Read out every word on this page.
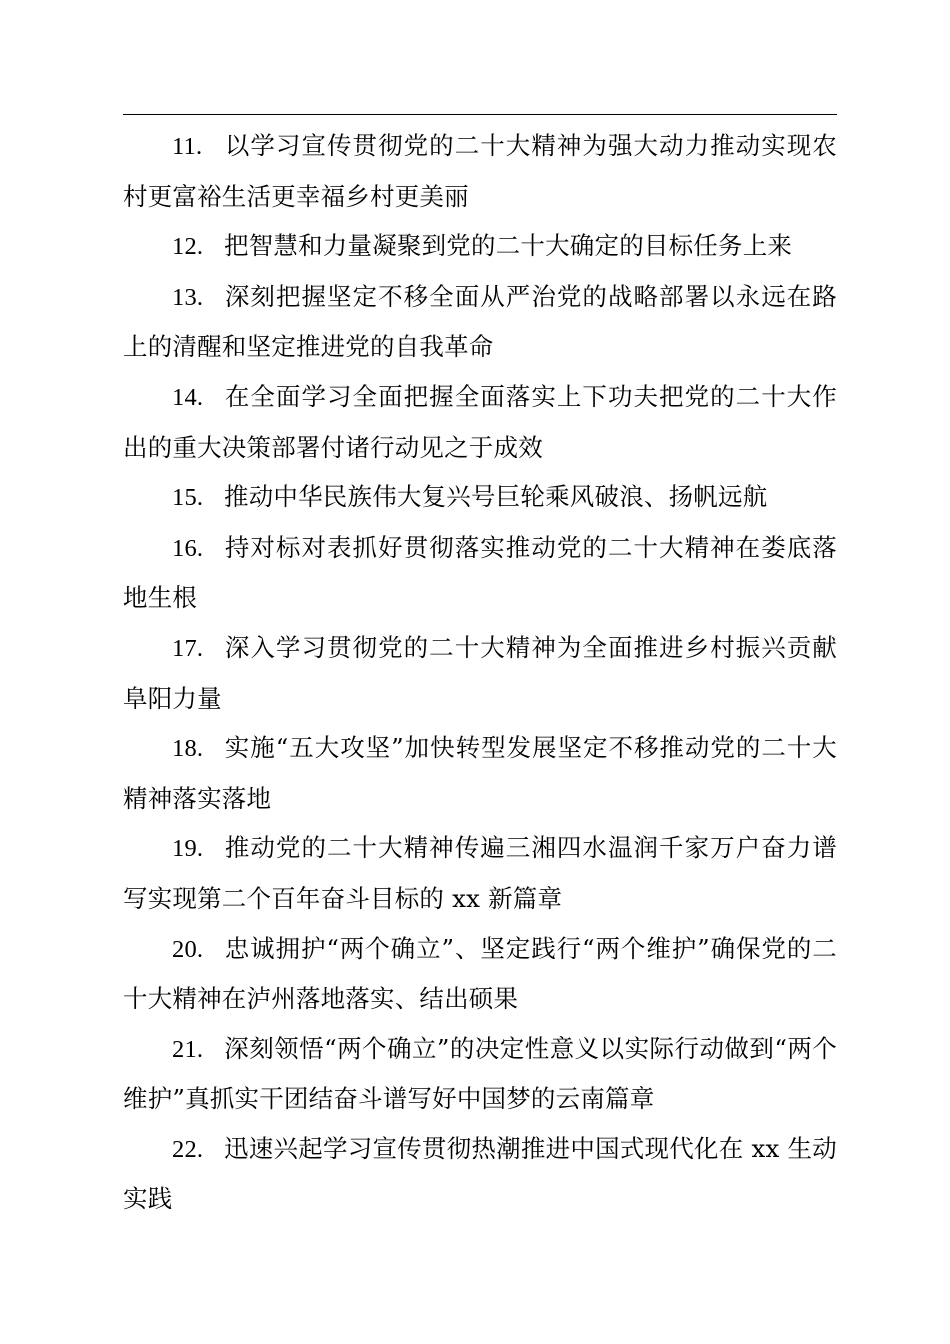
11. 以学习宣传贯彻党的二十大精神为强大动力推动实现农村更富裕生活更幸福乡村更美丽

12. 把智慧和力量凝聚到党的二十大确定的目标任务上来

13. 深刻把握坚定不移全面从严治党的战略部署以永远在路上的清醒和坚定推进党的自我革命

14. 在全面学习全面把握全面落实上下功夫把党的二十大作出的重大决策部署付诸行动见之于成效

15. 推动中华民族伟大复兴号巨轮乘风破浪、扬帆远航

16. 持对标对表抓好贯彻落实推动党的二十大精神在娄底落地生根

17. 深入学习贯彻党的二十大精神为全面推进乡村振兴贡献阜阳力量

18. 实施“五大攻坚”加快转型发展坚定不移推动党的二十大精神落实落地

19. 推动党的二十大精神传遍三湘四水温润千家万户奋力谱写实现第二个百年奋斗目标的 xx 新篇章

20. 忠诚拥护“两个确立”、坚定践行“两个维护”确保党的二十大精神在泸州落地落实、结出硕果

21. 深刻领悟“两个确立”的决定性意义以实际行动做到“两个维护”真抓实干团结奋斗谱写好中国梦的云南篇章

22. 迅速兴起学习宣传贯彻热潮推进中国式现代化在 xx 生动实践
